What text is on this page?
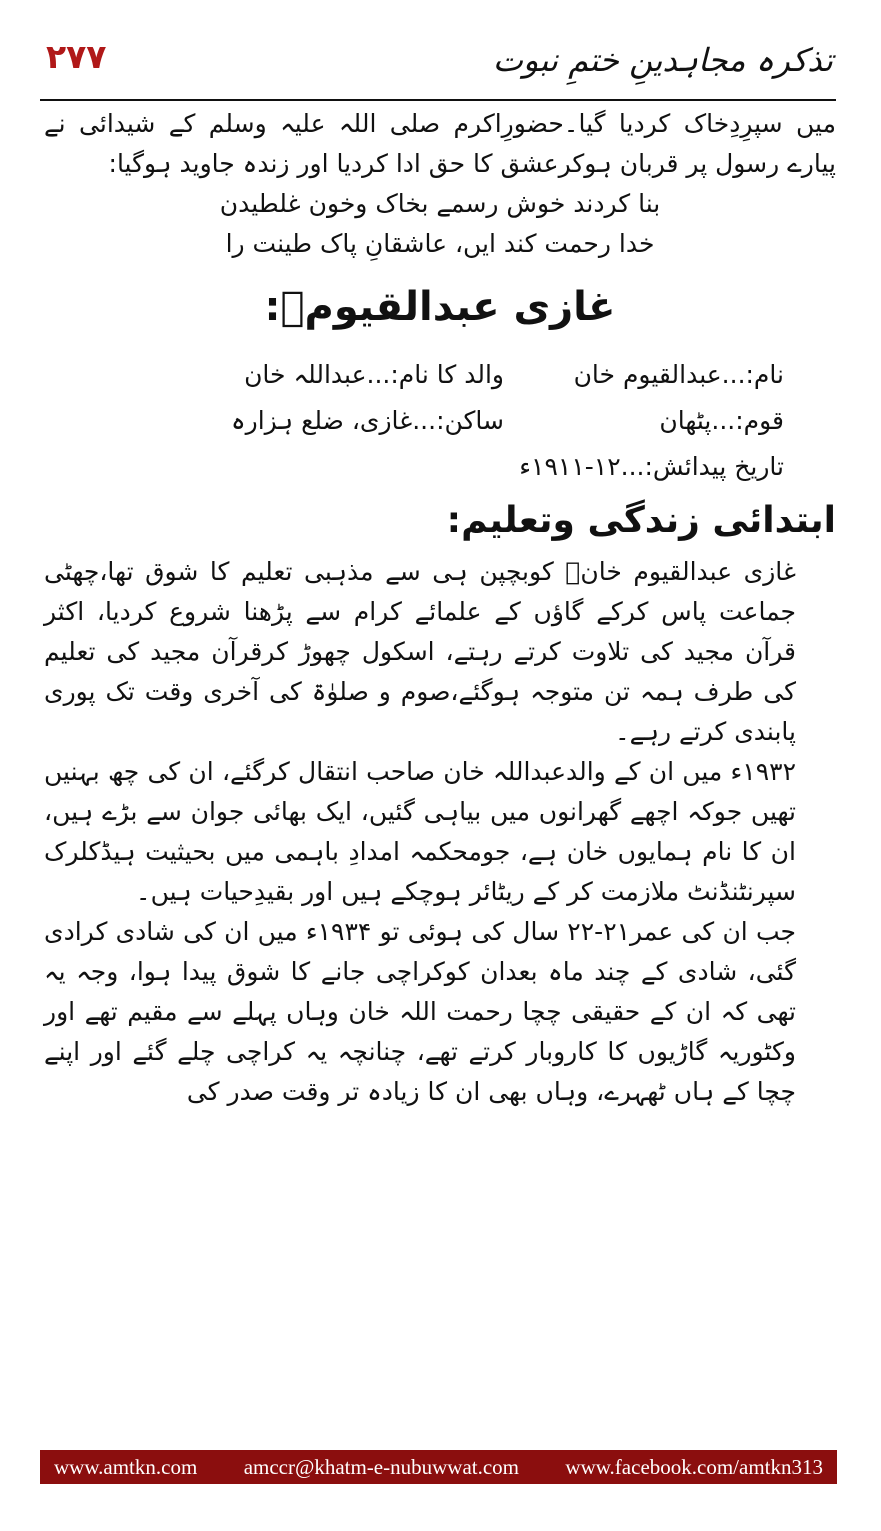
تذکرہ مجاہدینِ ختمِ نبوت
۲۷۷

میں سپرِدِخاک کردیا گیا۔حضورِاکرم صلی اللہ علیہ وسلم کے شیدائی نے پیارے رسول پر قربان ہوکرعشق کا حق ادا کردیا اور زندہ جاوید ہوگیا:

بنا کردند خوش رسمے بخاک وخون غلطیدن

خدا رحمت کند ایں، عاشقانِ پاک طینت را

غازی عبدالقیومؒ:
نام:...عبدالقیوم خان
والد کا نام:...عبداللہ خان
قوم:...پٹھان
ساکن:...غازی، ضلع ہزارہ
تاریخ پیدائش:...۱۲-۱۹۱۱ء
ابتدائی زندگی وتعلیم:

غازی عبدالقیوم خانؒ کوبچپن ہی سے مذہبی تعلیم کا شوق تھا،چھٹی جماعت پاس کرکے گاؤں کے علمائے کرام سے پڑھنا شروع کردیا، اکثر قرآن مجید کی تلاوت کرتے رہتے، اسکول چھوڑ کرقرآن مجید کی تعلیم کی طرف ہمہ تن متوجہ ہوگئے،صوم و صلوٰۃ کی آخری وقت تک پوری پابندی کرتے رہے۔

۱۹۳۲ء میں ان کے والدعبداللہ خان صاحب انتقال کرگئے، ان کی چھ بہنیں تھیں جوکہ اچھے گھرانوں میں بیاہی گئیں، ایک بھائی جوان سے بڑے ہیں، ان کا نام ہمایوں خان ہے، جومحکمہ امدادِ باہمی میں بحیثیت ہیڈکلرک سپرنٹنڈنٹ ملازمت کر کے ریٹائر ہوچکے ہیں اور بقیدِحیات ہیں۔

جب ان کی عمر۲۱-۲۲ سال کی ہوئی تو ۱۹۳۴ء میں ان کی شادی کرادی گئی، شادی کے چند ماہ بعدان کوکراچی جانے کا شوق پیدا ہوا، وجہ یہ تھی کہ ان کے حقیقی چچا رحمت اللہ خان وہاں پہلے سے مقیم تھے اور وکٹوریہ گاڑیوں کا کاروبار کرتے تھے، چنانچہ یہ کراچی چلے گئے اور اپنے چچا کے ہاں ٹھہرے، وہاں بھی ان کا زیادہ تر وقت صدر کی

www.amtkn.com amccr@khatm-e-nubuwwat.com www.facebook.com/amtkn313
